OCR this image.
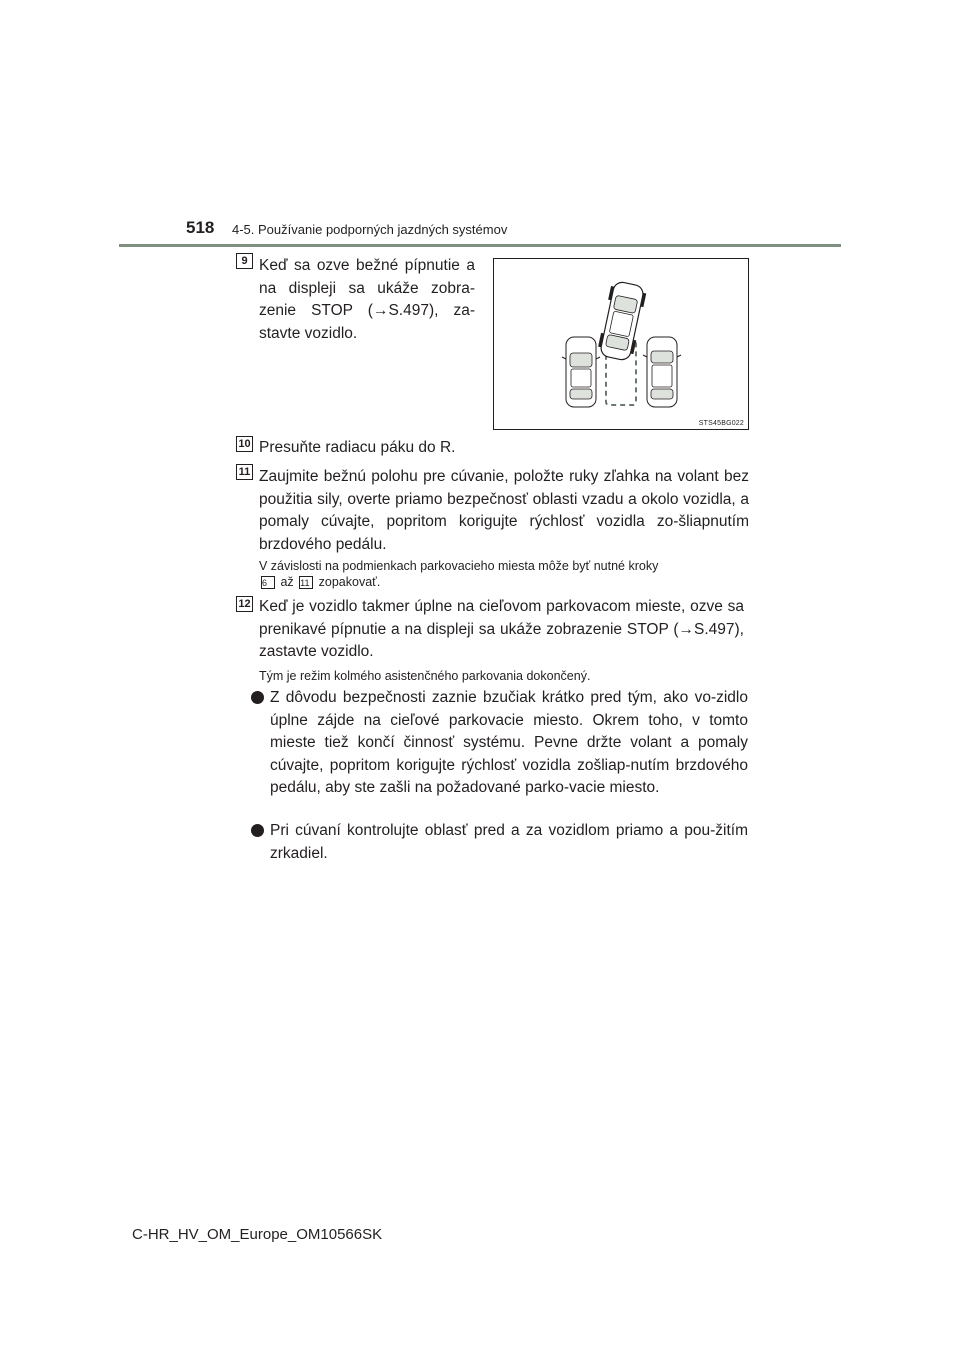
518 4-5. Používanie podporných jazdných systémov
9 Keď sa ozve bežné pípnutie a na displeji sa ukáže zobra-zenie STOP (→S.497), za-stavte vozidlo.

STS45BG022
10 Presuňte radiacu páku do R.

11 Zaujmite bežnú polohu pre cúvanie, položte ruky zľahka na volant bez použitia sily, overte priamo bezpečnosť oblasti vzadu a okolo vozidla, a pomaly cúvajte, popritom korigujte rýchlosť vozidla zo-šliapnutím brzdového pedálu.

V závislosti na podmienkach parkovacieho miesta môže byť nutné kroky
6 až 11 zopakovať.

12 Keď je vozidlo takmer úplne na cieľovom parkovacom mieste, ozve sa prenikavé pípnutie a na displeji sa ukáže zobrazenie STOP (→S.497), zastavte vozidlo.

Tým je režim kolmého asistenčného parkovania dokončený.

Z dôvodu bezpečnosti zaznie bzučiak krátko pred tým, ako vo-zidlo úplne zájde na cieľové parkovacie miesto. Okrem toho, v tomto mieste tiež končí činnosť systému. Pevne držte volant a pomaly cúvajte, popritom korigujte rýchlosť vozidla zošliap-nutím brzdového pedálu, aby ste zašli na požadované parko-vacie miesto.

Pri cúvaní kontrolujte oblasť pred a za vozidlom priamo a pou-žitím zrkadiel.

C-HR_HV_OM_Europe_OM10566SK
